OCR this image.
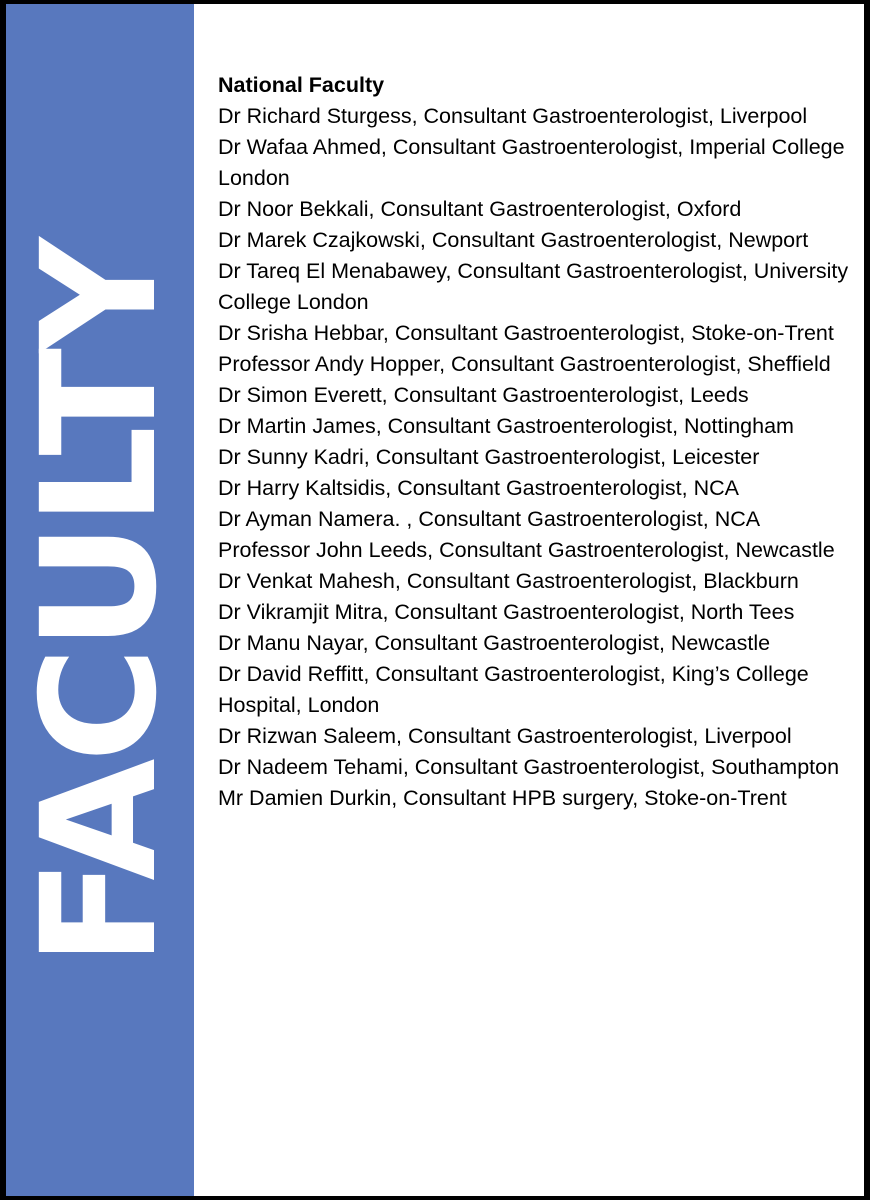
FACULTY

National Faculty

Dr Richard Sturgess, Consultant Gastroenterologist, Liverpool

Dr Wafaa Ahmed, Consultant Gastroenterologist, Imperial College London

Dr Noor Bekkali, Consultant Gastroenterologist, Oxford

Dr Marek Czajkowski, Consultant Gastroenterologist, Newport

Dr Tareq El Menabawey, Consultant Gastroenterologist, University College London

Dr Srisha Hebbar, Consultant Gastroenterologist, Stoke-on-Trent

Professor Andy Hopper, Consultant Gastroenterologist, Sheffield

Dr Simon Everett, Consultant Gastroenterologist, Leeds

Dr Martin James, Consultant Gastroenterologist, Nottingham

Dr Sunny Kadri, Consultant Gastroenterologist, Leicester

Dr Harry Kaltsidis, Consultant Gastroenterologist, NCA

Dr Ayman Namera. , Consultant Gastroenterologist, NCA

Professor John Leeds, Consultant Gastroenterologist, Newcastle

Dr Venkat Mahesh, Consultant Gastroenterologist, Blackburn

Dr Vikramjit Mitra, Consultant Gastroenterologist, North Tees

Dr Manu Nayar, Consultant Gastroenterologist, Newcastle

Dr David Reffitt, Consultant Gastroenterologist, King’s College Hospital, London

Dr Rizwan Saleem, Consultant Gastroenterologist, Liverpool

Dr Nadeem Tehami, Consultant Gastroenterologist, Southampton

Mr Damien Durkin, Consultant HPB surgery, Stoke-on-Trent
